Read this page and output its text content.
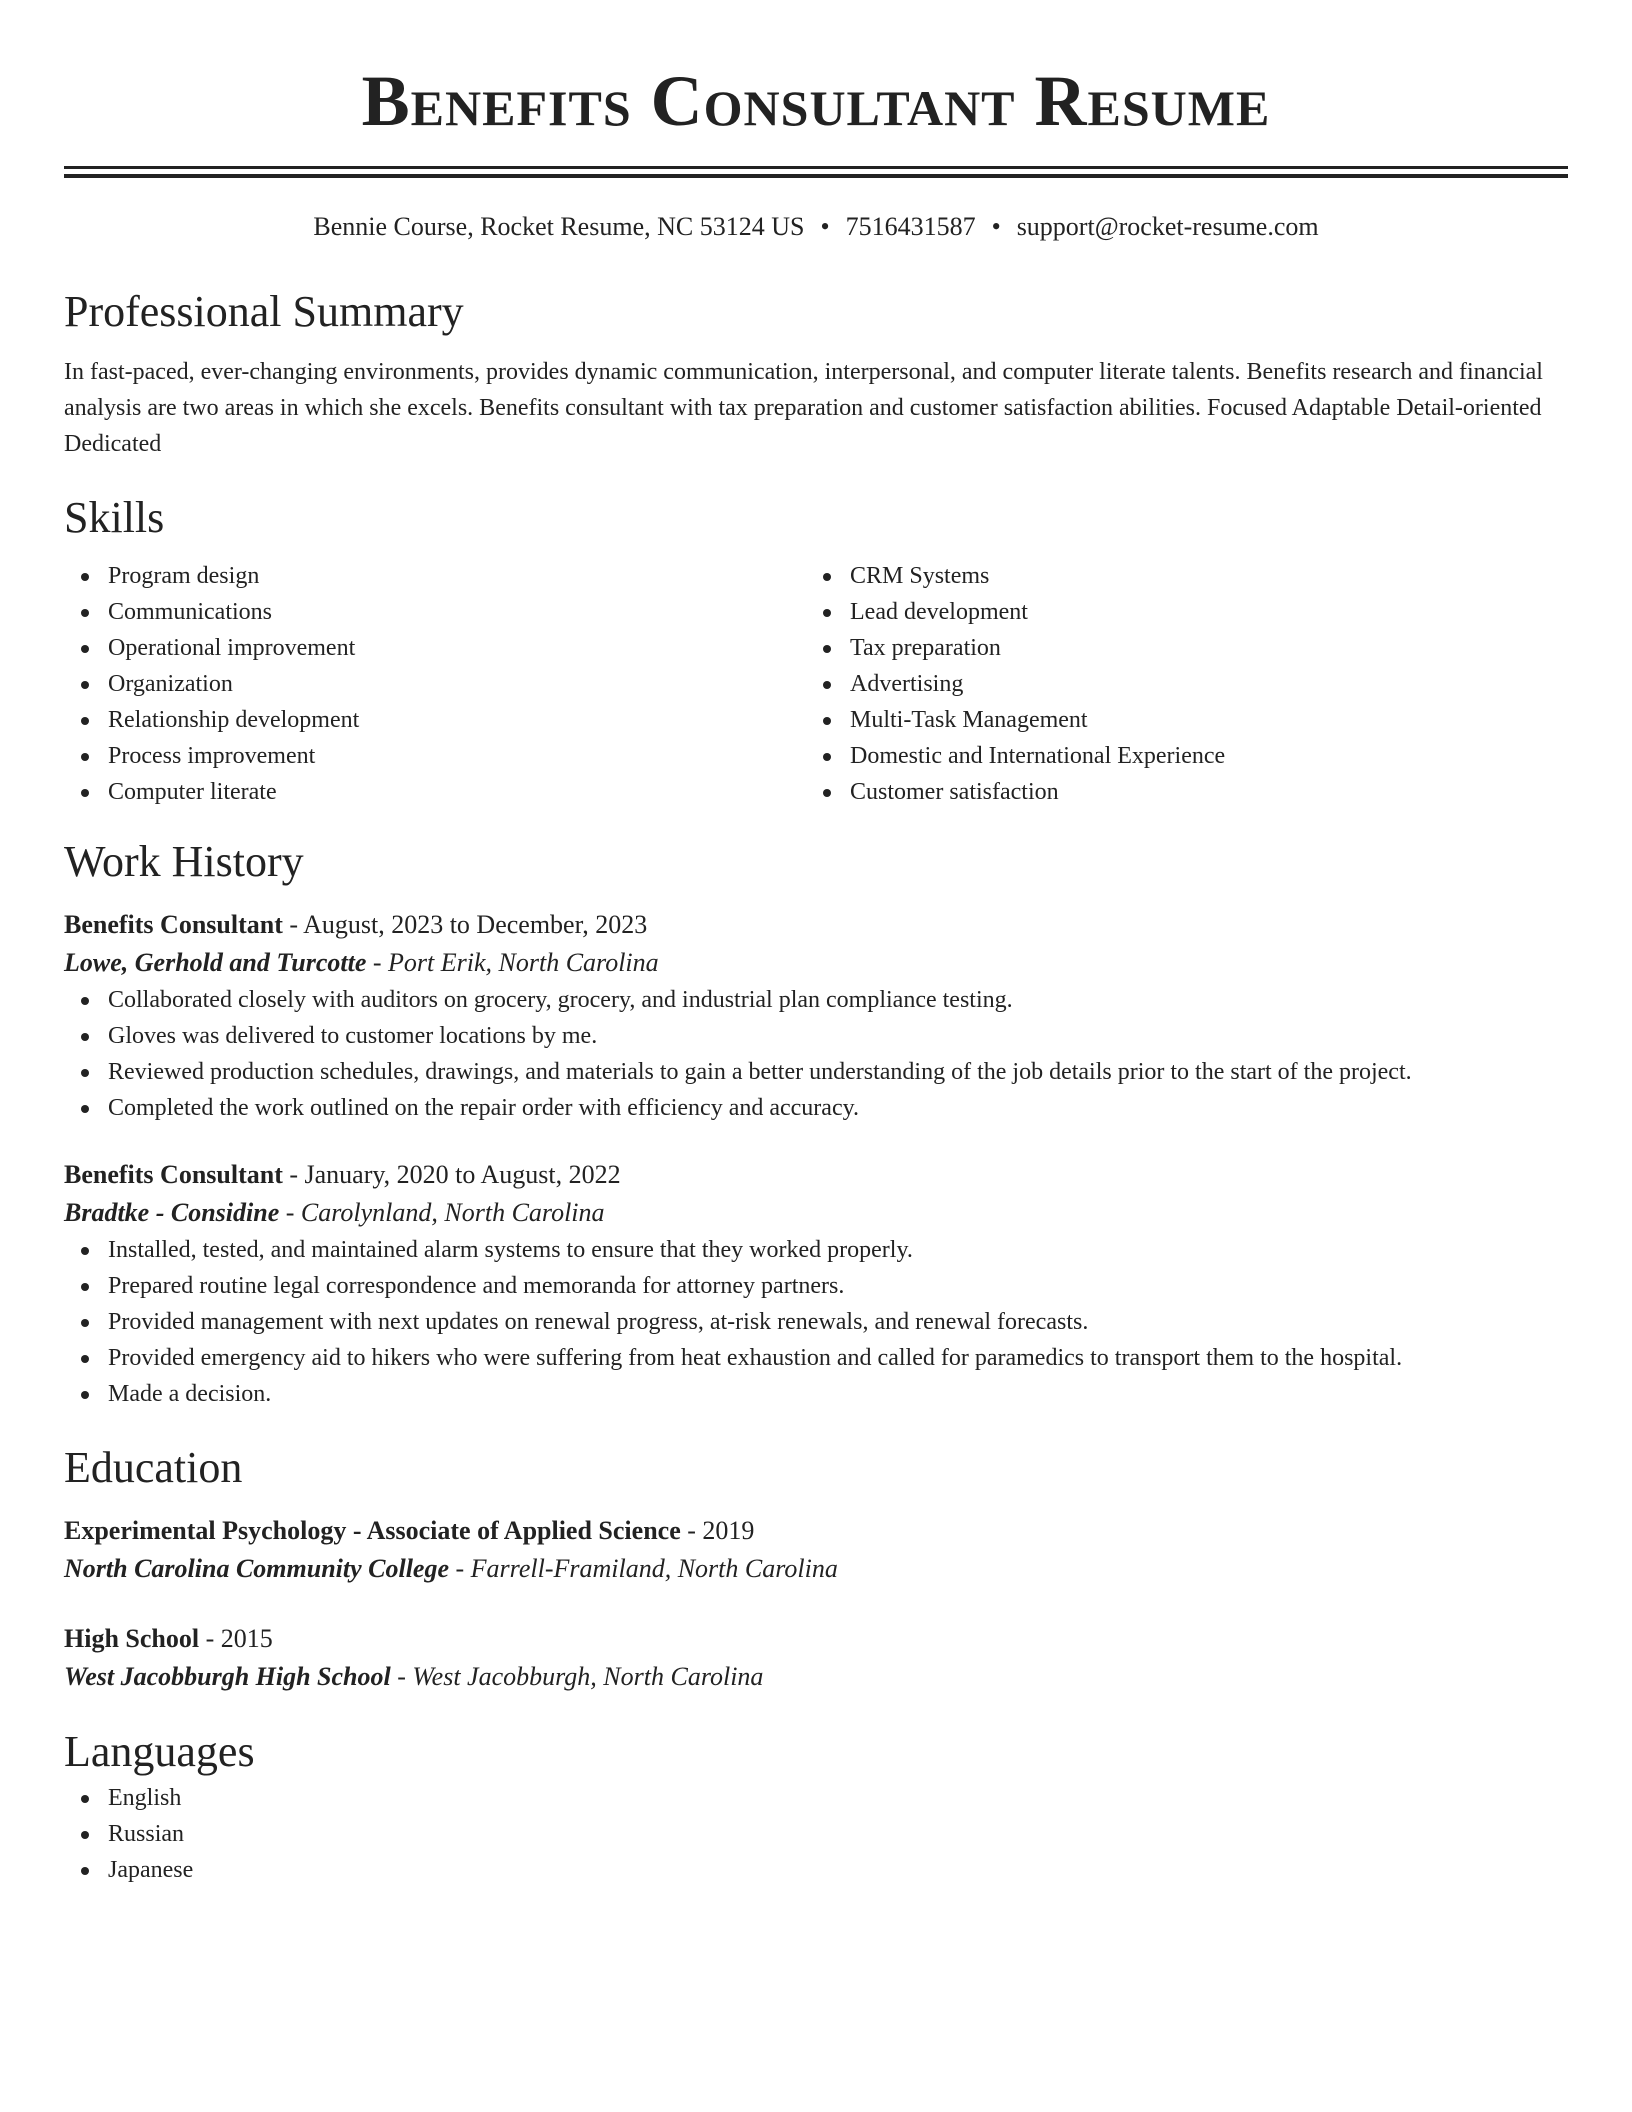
Benefits Consultant Resume
Bennie Course, Rocket Resume, NC 53124 US • 7516431587 • support@rocket-resume.com
Professional Summary
In fast-paced, ever-changing environments, provides dynamic communication, interpersonal, and computer literate talents. Benefits research and financial analysis are two areas in which she excels. Benefits consultant with tax preparation and customer satisfaction abilities. Focused Adaptable Detail-oriented Dedicated
Skills
Program design
Communications
Operational improvement
Organization
Relationship development
Process improvement
Computer literate
CRM Systems
Lead development
Tax preparation
Advertising
Multi-Task Management
Domestic and International Experience
Customer satisfaction
Work History
Benefits Consultant - August, 2023 to December, 2023
Lowe, Gerhold and Turcotte - Port Erik, North Carolina
Collaborated closely with auditors on grocery, grocery, and industrial plan compliance testing.
Gloves was delivered to customer locations by me.
Reviewed production schedules, drawings, and materials to gain a better understanding of the job details prior to the start of the project.
Completed the work outlined on the repair order with efficiency and accuracy.
Benefits Consultant - January, 2020 to August, 2022
Bradtke - Considine - Carolynland, North Carolina
Installed, tested, and maintained alarm systems to ensure that they worked properly.
Prepared routine legal correspondence and memoranda for attorney partners.
Provided management with next updates on renewal progress, at-risk renewals, and renewal forecasts.
Provided emergency aid to hikers who were suffering from heat exhaustion and called for paramedics to transport them to the hospital.
Made a decision.
Education
Experimental Psychology - Associate of Applied Science - 2019
North Carolina Community College - Farrell-Framiland, North Carolina
High School - 2015
West Jacobburgh High School - West Jacobburgh, North Carolina
Languages
English
Russian
Japanese
